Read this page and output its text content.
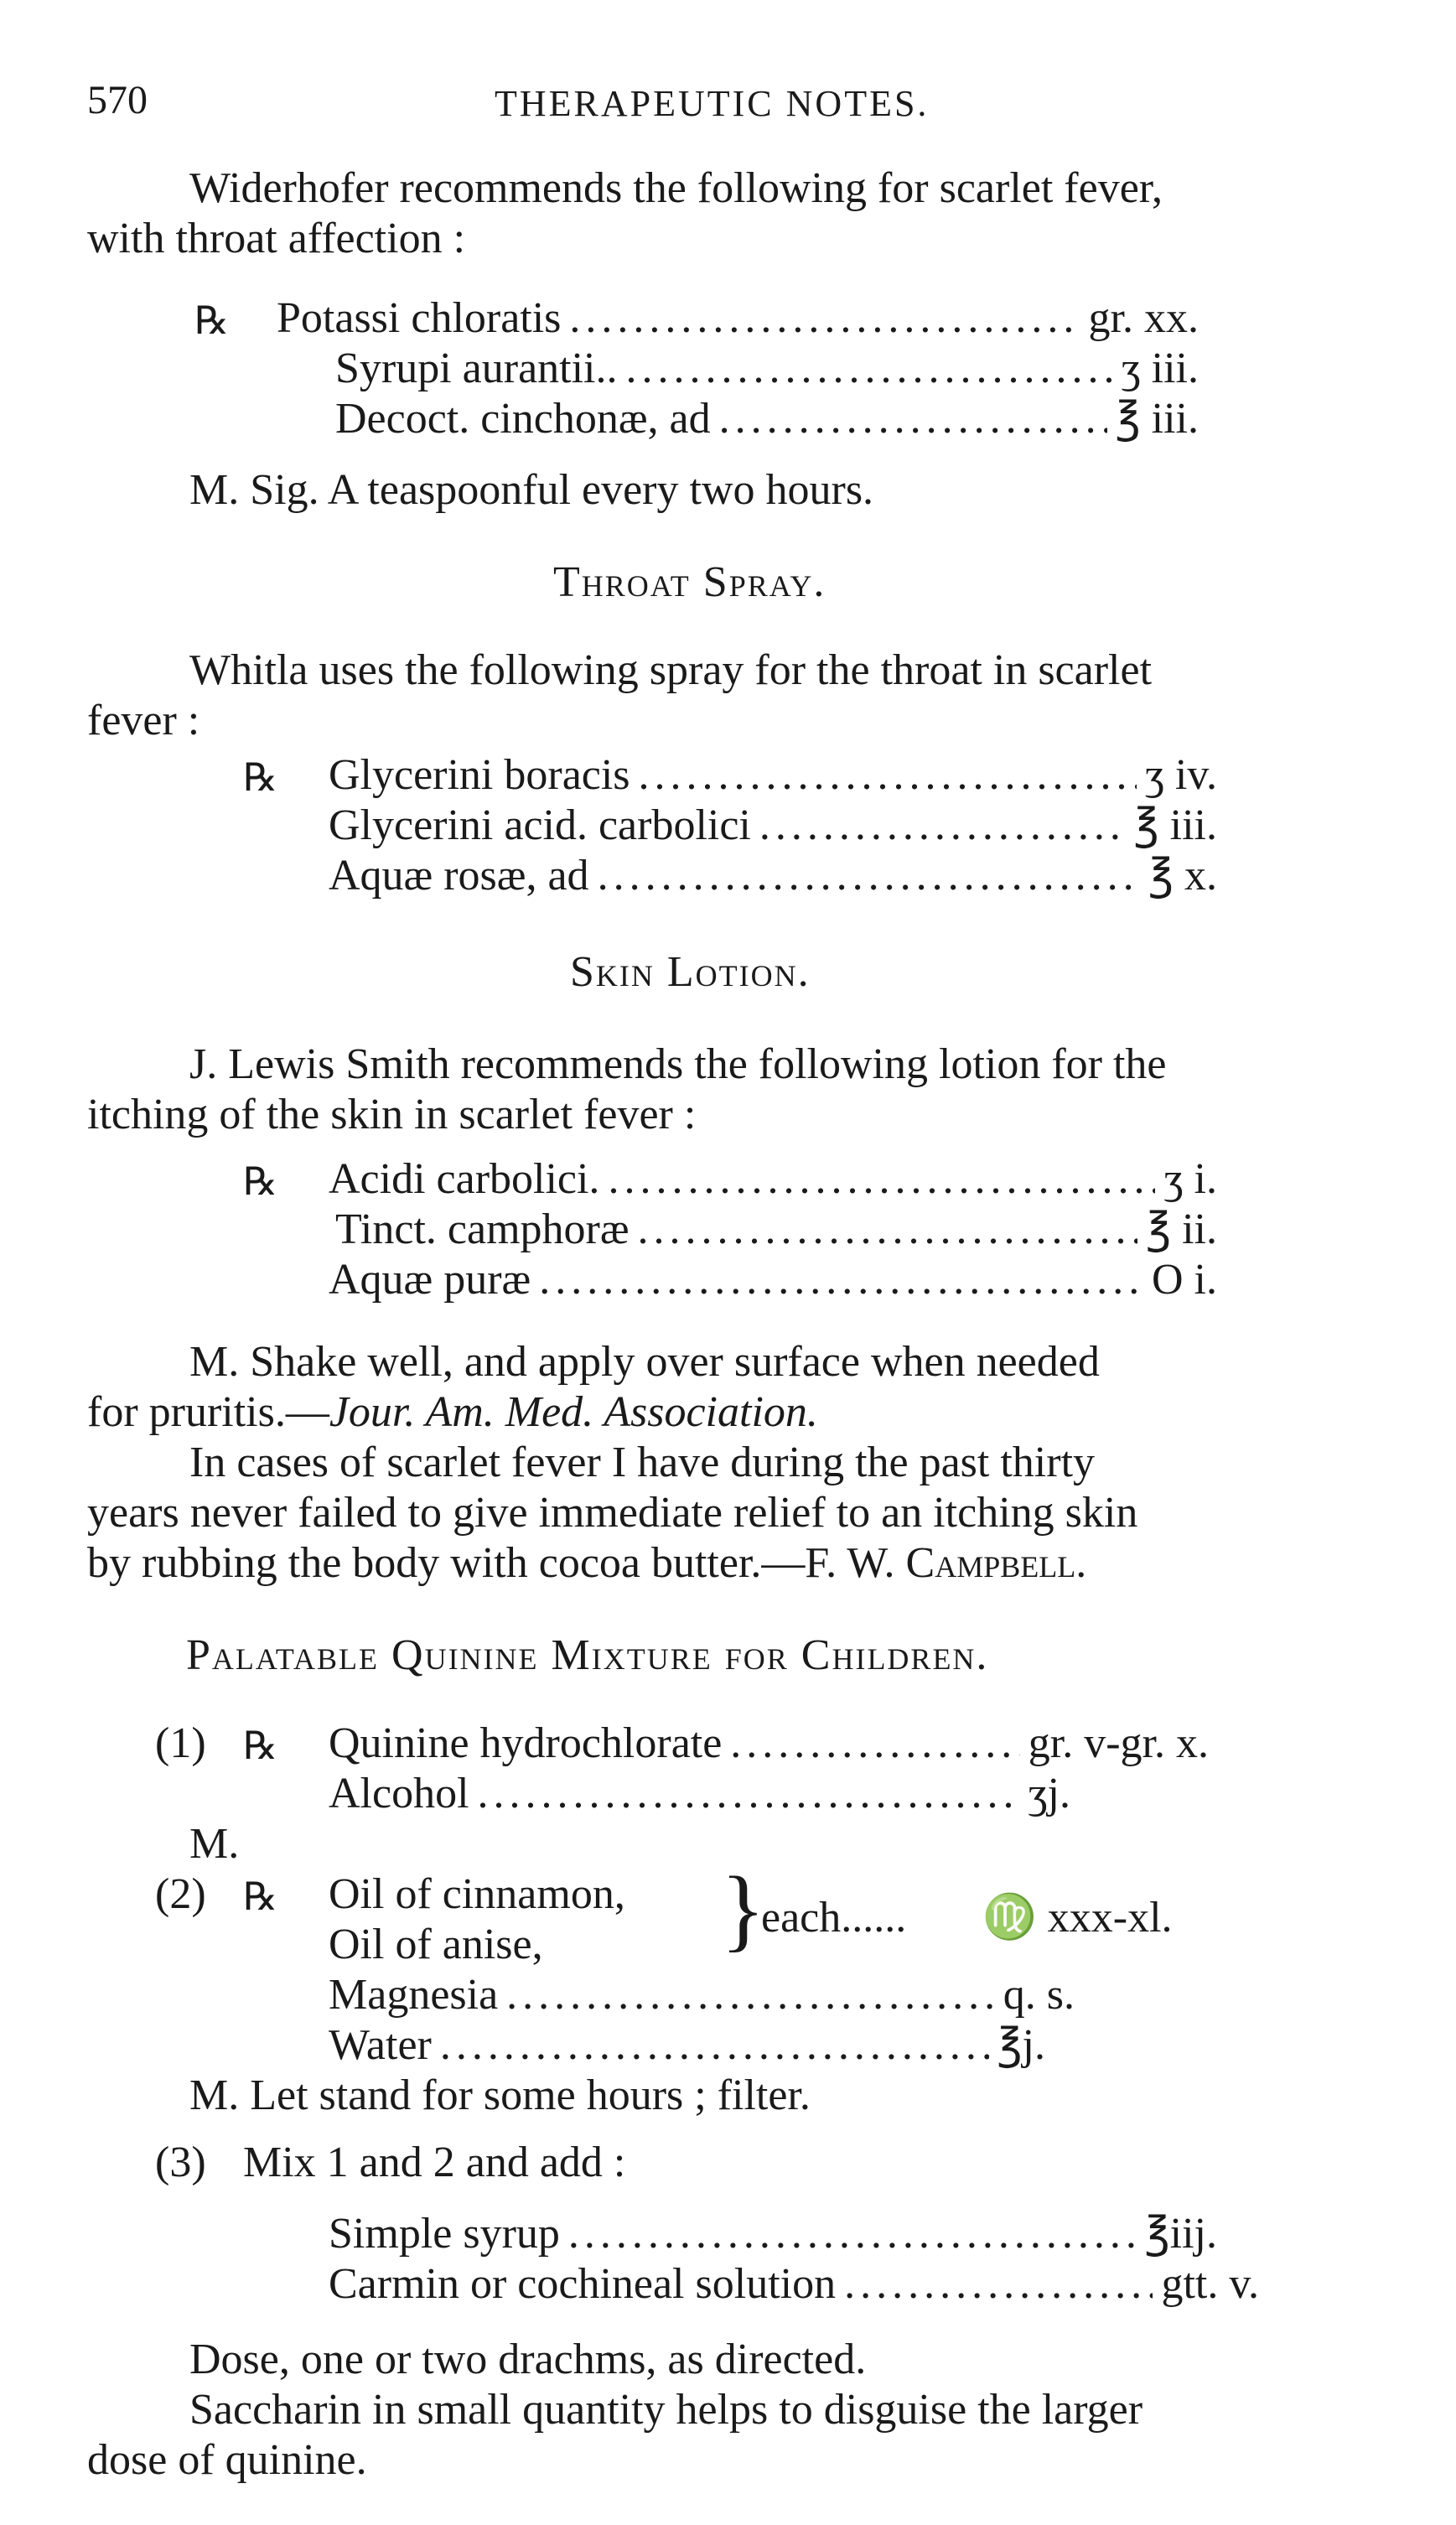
570	THERAPEUTIC NOTES.
Widerhofer recommends the following for scarlet fever,
with throat affection :
℞ Potassi chloratis .....	gr. xx.
Syrupi aurantii.. .....	ʒ iii.
Decoct. cinchonæ, ad .....	℥ iii.
M. Sig. A teaspoonful every two hours.
Throat Spray.
Whitla uses the following spray for the throat in scarlet
fever :
℞ Glycerini boracis .....	ʒ iv.
Glycerini acid. carbolici .....	℥ iii.
Aquæ rosæ, ad .....	℥ x.
Skin Lotion.
J. Lewis Smith recommends the following lotion for the
itching of the skin in scarlet fever :
℞ Acidi carbolici. .....	ʒ i.
Tinct. camphoræ .....	℥ ii.
Aquæ puræ .....	O i.
M. Shake well, and apply over surface when needed
for pruritis.—Jour. Am. Med. Association.
In cases of scarlet fever I have during the past thirty
years never failed to give immediate relief to an itching skin
by rubbing the body with cocoa butter.—F. W. Campbell.
Palatable Quinine Mixture for Children.
(1) ℞ Quinine hydrochlorate .....	gr. v-gr. x.
Alcohol .....	ʒj.
M.
(2) ℞ Oil of cinnamon,
Oil of anise, }
each...... ♍ xxx-xl.
Magnesia .....	q. s.
Water .....	℥j.
M. Let stand for some hours ; filter.
(3) Mix 1 and 2 and add :
Simple syrup .....	℥iij.
Carmin or cochineal solution .....	gtt. v.
Dose, one or two drachms, as directed.
Saccharin in small quantity helps to disguise the larger
dose of quinine.
